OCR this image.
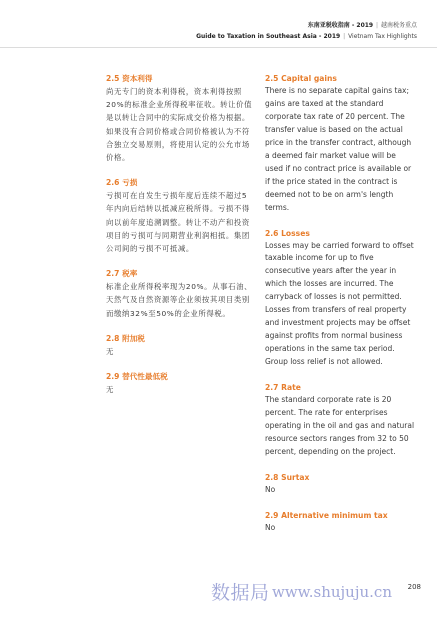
东南亚税收指南 - 2019 | 越南税务重点
Guide to Taxation in Southeast Asia - 2019 | Vietnam Tax Highlights

2.5 资本利得

尚无专门的资本利得税，资本利得按照20%的标准企业所得税率征收。转让价值是以转让合同中的实际成交价格为根据。如果没有合同价格或合同价格被认为不符合独立交易原则，将使用认定的公允市场价格。

2.6 亏损

亏损可在自发生亏损年度后连续不超过5年内向后结转以抵减应税所得。亏损不得向以前年度追溯调整。转让不动产和投资项目的亏损可与同期营业利润相抵。集团公司间的亏损不可抵减。

2.7 税率

标准企业所得税率现为20%。从事石油、天然气及自然资源等企业须按其项目类别而缴纳32%至50%的企业所得税。

2.8 附加税

无

2.9 替代性最低税

无

2.5 Capital gains

There is no separate capital gains tax; gains are taxed at the standard corporate tax rate of 20 percent. The transfer value is based on the actual price in the transfer contract, although a deemed fair market value will be used if no contract price is available or if the price stated in the contract is deemed not to be on arm's length terms.

2.6 Losses

Losses may be carried forward to offset taxable income for up to five consecutive years after the year in which the losses are incurred. The carryback of losses is not permitted. Losses from transfers of real property and investment projects may be offset against profits from normal business operations in the same tax period. Group loss relief is not allowed.

2.7 Rate

The standard corporate rate is 20 percent. The rate for enterprises operating in the oil and gas and natural resource sectors ranges from 32 to 50 percent, depending on the project.

2.8 Surtax

No

2.9 Alternative minimum tax

No

数据局 www.shujuju.cn 208
